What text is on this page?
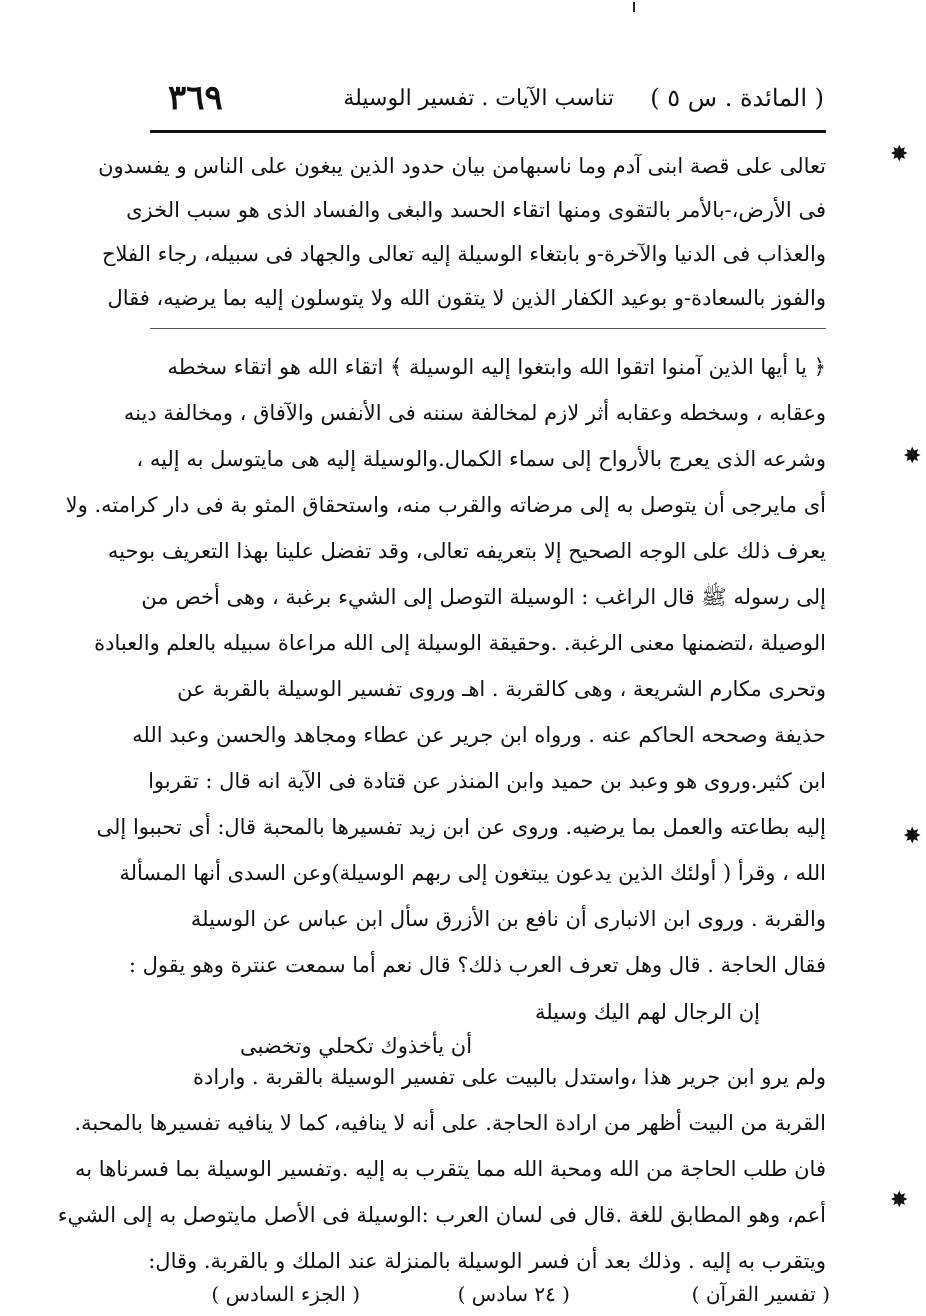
( المائدة . س ٥ )
تناسب الآيات . تفسير الوسيلة
٣٦٩
تعالى على قصة ابنى آدم وما ناسبهامن بيان حدود الذين يبغون على الناس و يفسدون
فى الأرض،-بالأمر بالتقوى ومنها اتقاء الحسد والبغى والفساد الذى هو سبب الخزى
والعذاب فى الدنيا والآخرة-و بابتغاء الوسيلة إليه تعالى والجهاد فى سبيله، رجاء الفلاح
والفوز بالسعادة-و بوعيد الكفار الذين لا يتقون الله ولا يتوسلون إليه بما يرضيه، فقال
﴿ يا أيها الذين آمنوا اتقوا الله وابتغوا إليه الوسيلة ﴾ اتقاء الله هو اتقاء سخطه
وعقابه ، وسخطه وعقابه أثر لازم لمخالفة سننه فى الأنفس والآفاق ، ومخالفة دينه
وشرعه الذى يعرج بالأرواح إلى سماء الكمال.والوسيلة إليه هى مايتوسل به إليه ،
أى مايرجى أن يتوصل به إلى مرضاته والقرب منه، واستحقاق المثو بة فى دار كرامته. ولا
يعرف ذلك على الوجه الصحيح إلا بتعريفه تعالى، وقد تفضل علينا بهذا التعريف بوحيه
إلى رسوله ﷺ قال الراغب : الوسيلة التوصل إلى الشيء برغبة ، وهى أخص من
الوصيلة ،لتضمنها معنى الرغبة. .وحقيقة الوسيلة إلى الله مراعاة سبيله بالعلم والعبادة
وتحرى مكارم الشريعة ، وهى كالقربة . اهـ وروى تفسير الوسيلة بالقربة عن
حذيفة وصححه الحاكم عنه . ورواه ابن جرير عن عطاء ومجاهد والحسن وعبد الله
ابن كثير.وروى هو وعبد بن حميد وابن المنذر عن قتادة فى الآية انه قال : تقربوا
إليه بطاعته والعمل بما يرضيه. وروى عن ابن زيد تفسيرها بالمحبة قال: أى تحببوا إلى
الله ، وقرأ ( أولئك الذين يدعون يبتغون إلى ربهم الوسيلة)وعن السدى أنها المسألة
والقربة . وروى ابن الانبارى أن نافع بن الأزرق سأل ابن عباس عن الوسيلة
فقال الحاجة . قال وهل تعرف العرب ذلك؟ قال نعم أما سمعت عنترة وهو يقول :
إن الرجال لهم اليك وسيلة
أن يأخذوك تكحلي وتخضبى
ولم يرو ابن جرير هذا ،واستدل بالبيت على تفسير الوسيلة بالقربة . وارادة
القربة من البيت أظهر من ارادة الحاجة. على أنه لا ينافيه، كما لا ينافيه تفسيرها بالمحبة.
فان طلب الحاجة من الله ومحبة الله مما يتقرب به إليه .وتفسير الوسيلة بما فسرناها به
أعم، وهو المطابق للغة .قال فى لسان العرب :الوسيلة فى الأصل مايتوصل به إلى الشيء
ويتقرب به إليه . وذلك بعد أن فسر الوسيلة بالمنزلة عند الملك و بالقربة. وقال:
✸
✸
✸
✸
( تفسير القرآن )
( ٢٤ سادس )
( الجزء السادس )
